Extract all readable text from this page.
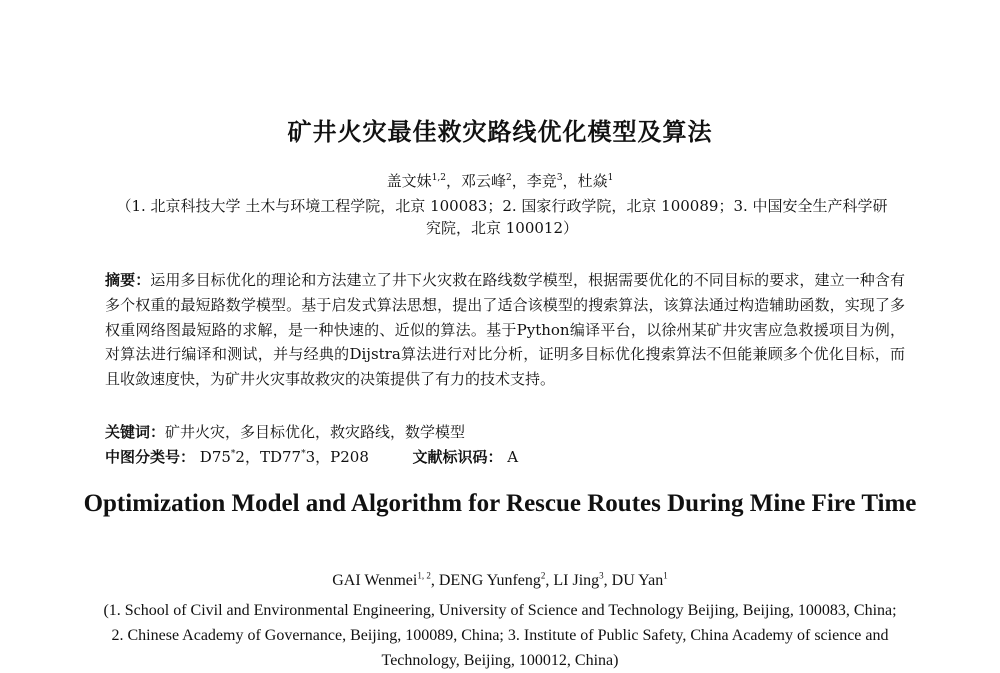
矿井火灾最佳救灾路线优化模型及算法
盖文妹$^{1,2}$，邓云峰$^2$，李竞$^3$，杜焱$^1$
（1. 北京科技大学 土木与环境工程学院，北京 100083；2. 国家行政学院，北京 100089；3. 中国安全生产科学研究院，北京 100012）
摘要：运用多目标优化的理论和方法建立了井下火灾救在路线数学模型，根据需要优化的不同目标的要求，建立一种含有多个权重的最短路数学模型。基于启发式算法思想，提出了适合该模型的搜索算法，该算法通过构造辅助函数，实现了多权重网络图最短路的求解，是一种快速的、近似的算法。基于Python编译平台，以徐州某矿井灾害应急救援项目为例，对算法进行编译和测试，并与经典的Dijstra算法进行对比分析，证明多目标优化搜索算法不但能兼顾多个优化目标，而且收敛速度快，为矿井火灾事故救灾的决策提供了有力的技术支持。
关键词：矿井火灾，多目标优化，救灾路线，数学模型
中图分类号： D75*2，TD77*3，P208	文献标识码： A
Optimization Model and Algorithm for Rescue Routes During Mine Fire Time
GAI Wenmei$^{1, 2}$, DENG Yunfeng$^2$, LI Jing$^3$, DU Yan$^1$
(1. School of Civil and Environmental Engineering, University of Science and Technology Beijing, Beijing, 100083, China; 2. Chinese Academy of Governance, Beijing, 100089, China; 3. Institute of Public Safety, China Academy of science and Technology, Beijing, 100012, China)
